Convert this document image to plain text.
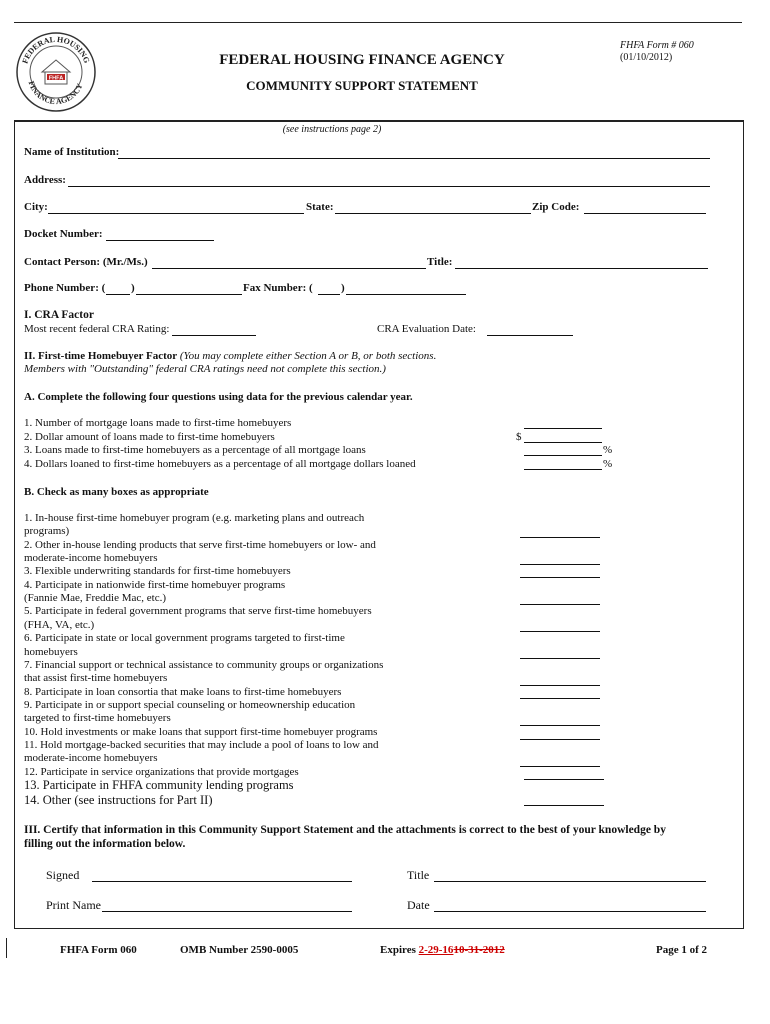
FEDERAL HOUSING
FINANCE AGENCY
FHFA
FEDERAL HOUSING FINANCE AGENCY
COMMUNITY SUPPORT STATEMENT
FHFA Form # 060
(01/10/2012)
(see instructions page 2)
Name of Institution:
Address:
City:	State:	Zip Code:
Docket Number:
Contact Person: (Mr./Ms.)	Title:
Phone Number: ( )	Fax Number: (	)
I. CRA Factor
Most recent federal CRA Rating:	CRA Evaluation Date:
II. First-time Homebuyer Factor (You may complete either Section A or B, or both sections.
Members with "Outstanding" federal CRA ratings need not complete this section.)
A. Complete the following four questions using data for the previous calendar year.
1. Number of mortgage loans made to first-time homebuyers
2. Dollar amount of loans made to first-time homebuyers	$
3. Loans made to first-time homebuyers as a percentage of all mortgage loans	%
4. Dollars loaned to first-time homebuyers as a percentage of all mortgage dollars loaned	%
B. Check as many boxes as appropriate
1. In-house first-time homebuyer program (e.g. marketing plans and outreach
programs)
2. Other in-house lending products that serve first-time homebuyers or low- and
moderate-income homebuyers
3. Flexible underwriting standards for first-time homebuyers
4. Participate in nationwide first-time homebuyer programs
(Fannie Mae, Freddie Mac, etc.)
5. Participate in federal government programs that serve first-time homebuyers
(FHA, VA, etc.)
6. Participate in state or local government programs targeted to first-time
homebuyers
7. Financial support or technical assistance to community groups or organizations
that assist first-time homebuyers
8. Participate in loan consortia that make loans to first-time homebuyers
9. Participate in or support special counseling or homeownership education
targeted to first-time homebuyers
10. Hold investments or make loans that support first-time homebuyer programs
11. Hold mortgage-backed securities that may include a pool of loans to low and
moderate-income homebuyers
12. Participate in service organizations that provide mortgages
13. Participate in FHFA community lending programs
14. Other (see instructions for Part II)
III. Certify that information in this Community Support Statement and the attachments is correct to the best of your knowledge by
filling out the information below.
Signed	Title
Print Name	Date
FHFA Form 060	OMB Number 2590-0005	Expires 2-29-1610-31-2012	Page 1 of 2
